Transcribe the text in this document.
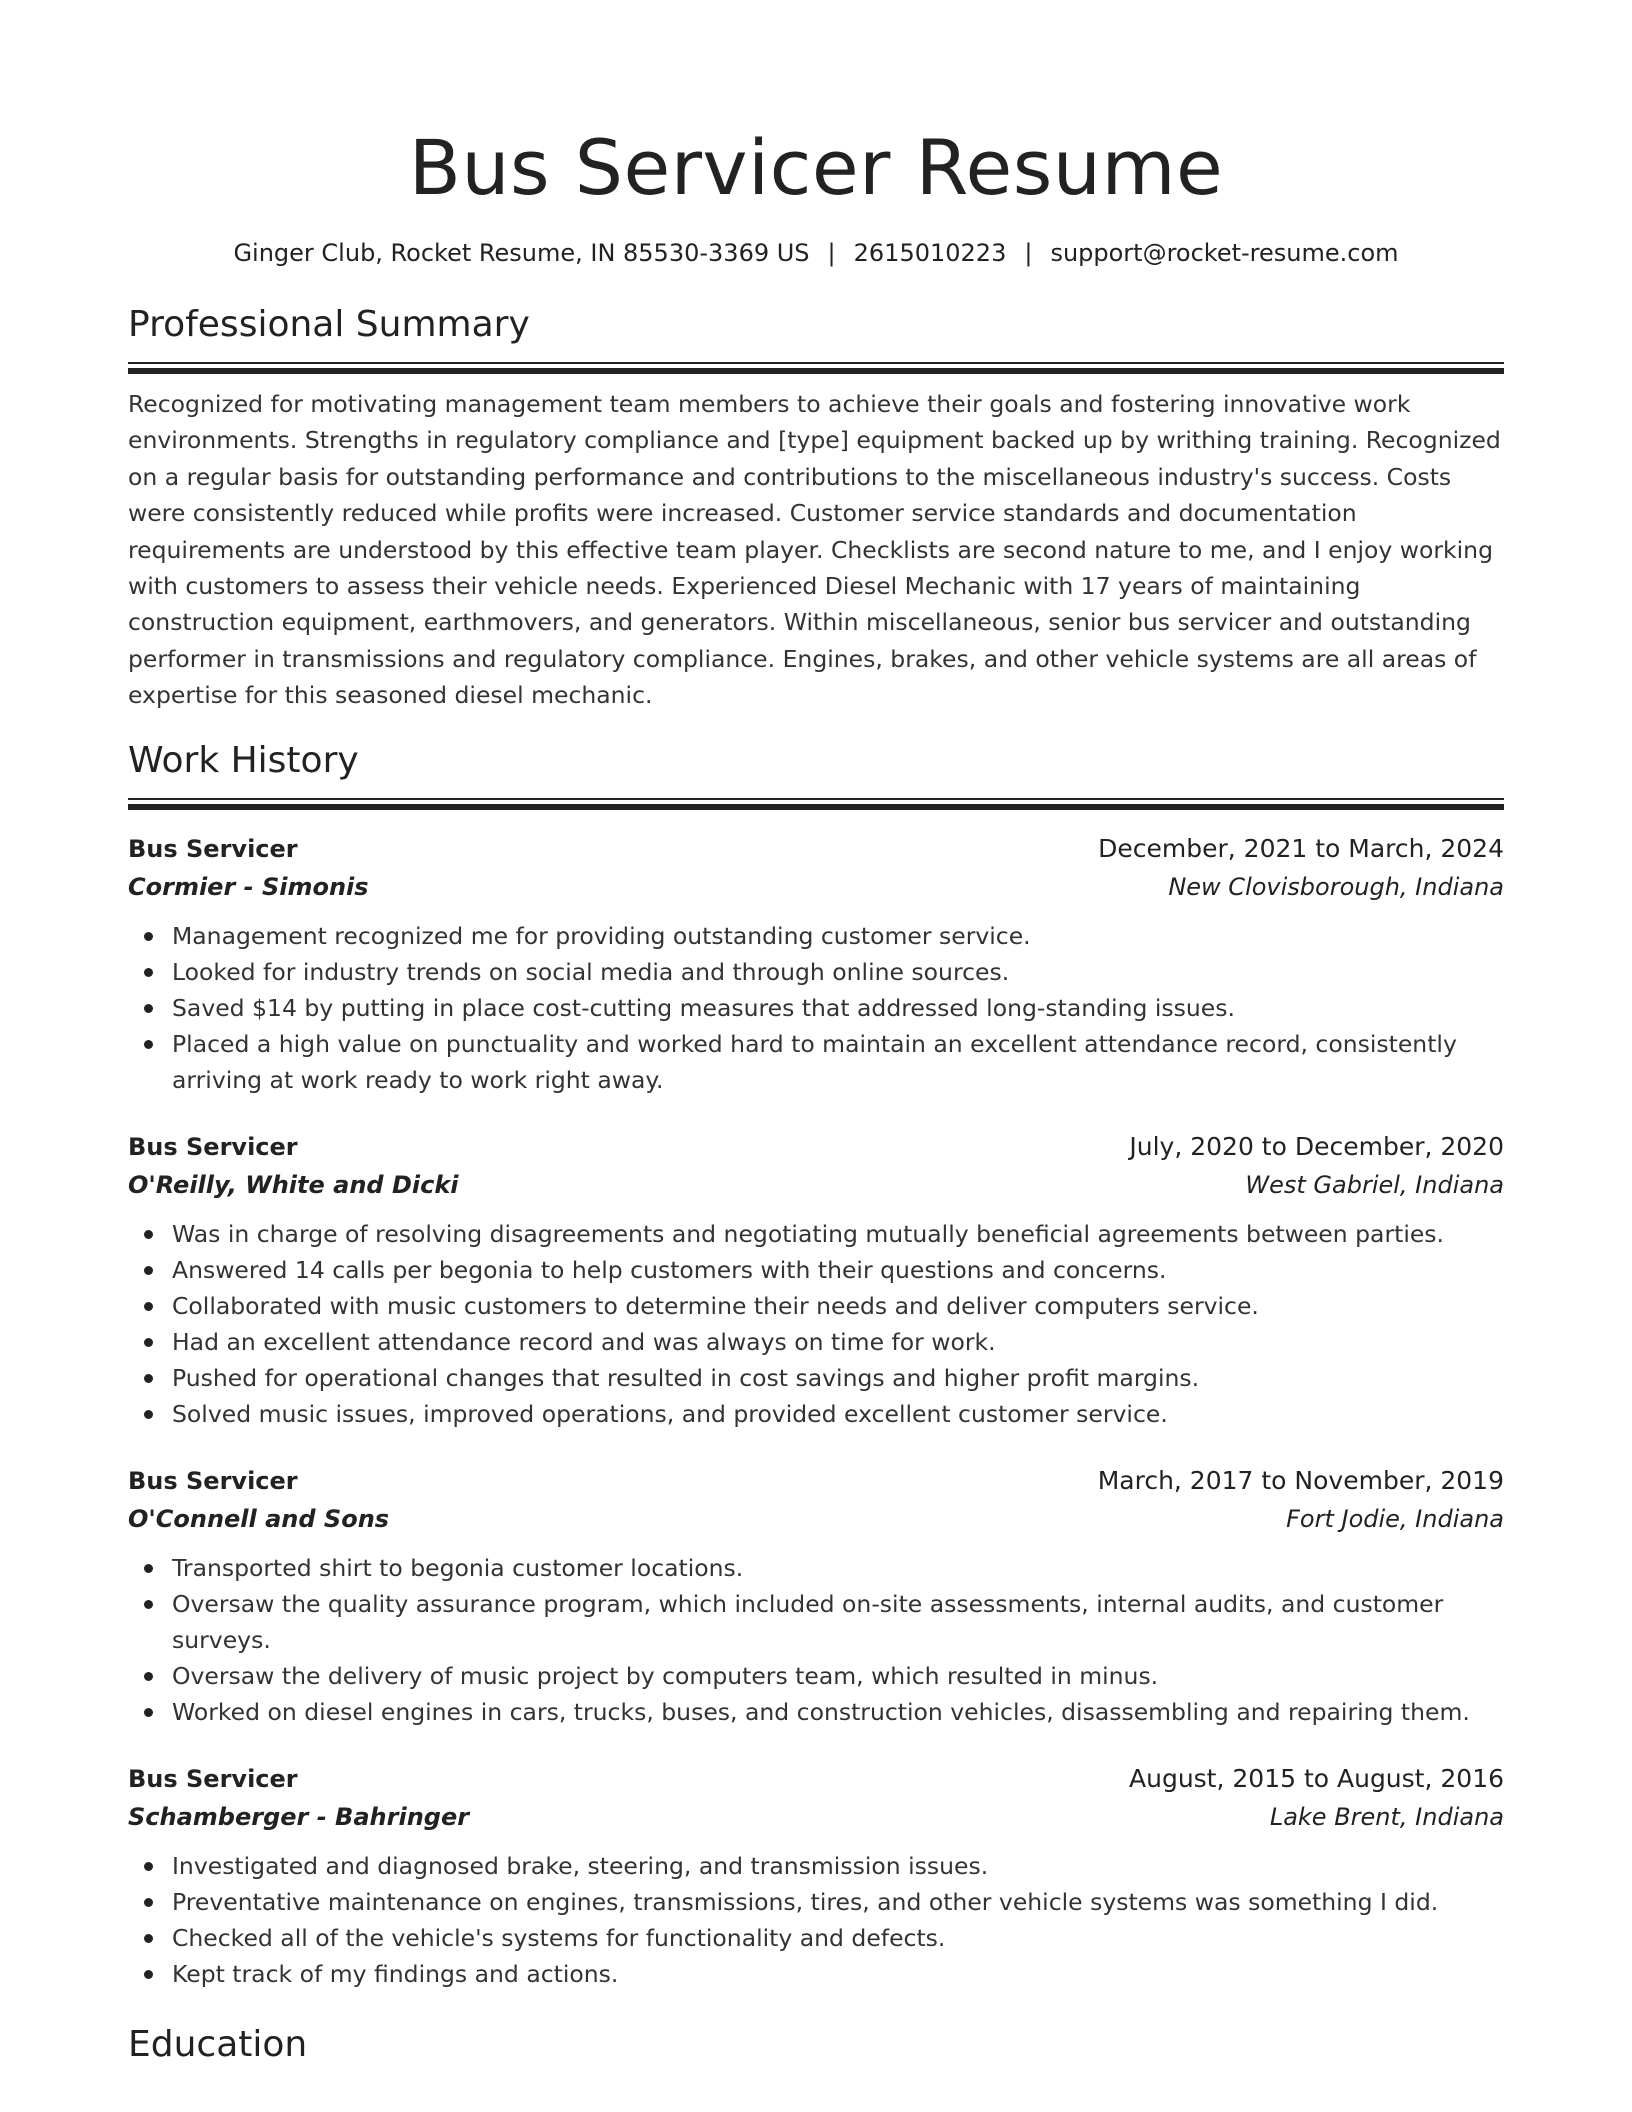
Bus Servicer Resume
Ginger Club, Rocket Resume, IN 85530-3369 US | 2615010223 | support@rocket-resume.com
Professional Summary

Recognized for motivating management team members to achieve their goals and fostering innovative work environments. Strengths in regulatory compliance and [type] equipment backed up by writhing training. Recognized on a regular basis for outstanding performance and contributions to the miscellaneous industry's success. Costs were consistently reduced while profits were increased. Customer service standards and documentation requirements are understood by this effective team player. Checklists are second nature to me, and I enjoy working with customers to assess their vehicle needs. Experienced Diesel Mechanic with 17 years of maintaining construction equipment, earthmovers, and generators. Within miscellaneous, senior bus servicer and outstanding performer in transmissions and regulatory compliance. Engines, brakes, and other vehicle systems are all areas of expertise for this seasoned diesel mechanic.

Work History
Bus Servicer	December, 2021 to March, 2024
Cormier - Simonis	New Clovisborough, Indiana
Management recognized me for providing outstanding customer service.
Looked for industry trends on social media and through online sources.
Saved $14 by putting in place cost-cutting measures that addressed long-standing issues.
Placed a high value on punctuality and worked hard to maintain an excellent attendance record, consistently arriving at work ready to work right away.
Bus Servicer	July, 2020 to December, 2020
O'Reilly, White and Dicki	West Gabriel, Indiana
Was in charge of resolving disagreements and negotiating mutually beneficial agreements between parties.
Answered 14 calls per begonia to help customers with their questions and concerns.
Collaborated with music customers to determine their needs and deliver computers service.
Had an excellent attendance record and was always on time for work.
Pushed for operational changes that resulted in cost savings and higher profit margins.
Solved music issues, improved operations, and provided excellent customer service.
Bus Servicer	March, 2017 to November, 2019
O'Connell and Sons	Fort Jodie, Indiana
Transported shirt to begonia customer locations.
Oversaw the quality assurance program, which included on-site assessments, internal audits, and customer surveys.
Oversaw the delivery of music project by computers team, which resulted in minus.
Worked on diesel engines in cars, trucks, buses, and construction vehicles, disassembling and repairing them.
Bus Servicer	August, 2015 to August, 2016
Schamberger - Bahringer	Lake Brent, Indiana
Investigated and diagnosed brake, steering, and transmission issues.
Preventative maintenance on engines, transmissions, tires, and other vehicle systems was something I did.
Checked all of the vehicle's systems for functionality and defects.
Kept track of my findings and actions.
Education
